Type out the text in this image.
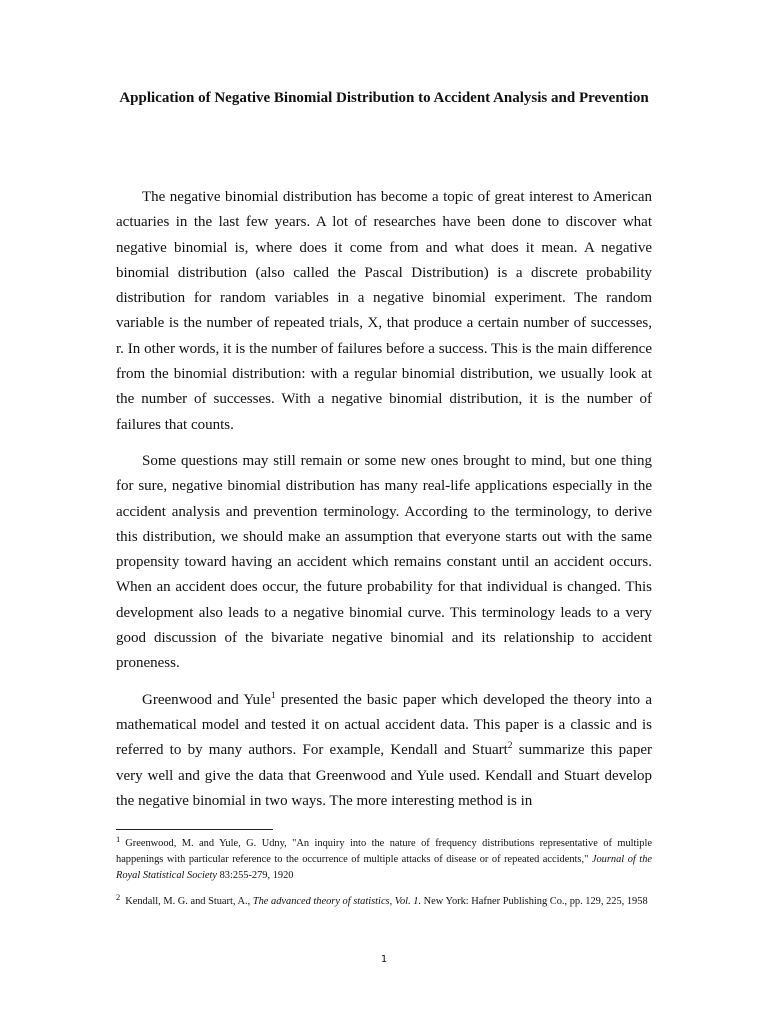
Application of Negative Binomial Distribution to Accident Analysis and Prevention

The negative binomial distribution has become a topic of great interest to American actuaries in the last few years. A lot of researches have been done to discover what negative binomial is, where does it come from and what does it mean. A negative binomial distribution (also called the Pascal Distribution) is a discrete probability distribution for random variables in a negative binomial experiment. The random variable is the number of repeated trials, X, that produce a certain number of successes, r. In other words, it is the number of failures before a success. This is the main difference from the binomial distribution: with a regular binomial distribution, we usually look at the number of successes. With a negative binomial distribution, it is the number of failures that counts.

Some questions may still remain or some new ones brought to mind, but one thing for sure, negative binomial distribution has many real-life applications especially in the accident analysis and prevention terminology. According to the terminology, to derive this distribution, we should make an assumption that everyone starts out with the same propensity toward having an accident which remains constant until an accident occurs. When an accident does occur, the future probability for that individual is changed. This development also leads to a negative binomial curve. This terminology leads to a very good discussion of the bivariate negative binomial and its relationship to accident proneness.

Greenwood and Yule$^1$ presented the basic paper which developed the theory into a mathematical model and tested it on actual accident data. This paper is a classic and is referred to by many authors. For example, Kendall and Stuart$^2$ summarize this paper very well and give the data that Greenwood and Yule used. Kendall and Stuart develop the negative binomial in two ways. The more interesting method is in

$^1$ Greenwood, M. and Yule, G. Udny, "An inquiry into the nature of frequency distributions representative of multiple happenings with particular reference to the occurrence of multiple attacks of disease or of repeated accidents," Journal of the Royal Statistical Society 83:255-279, 1920

$^2$ Kendall, M. G. and Stuart, A., The advanced theory of statistics, Vol. 1. New York: Hafner Publishing Co., pp. 129, 225, 1958

1
